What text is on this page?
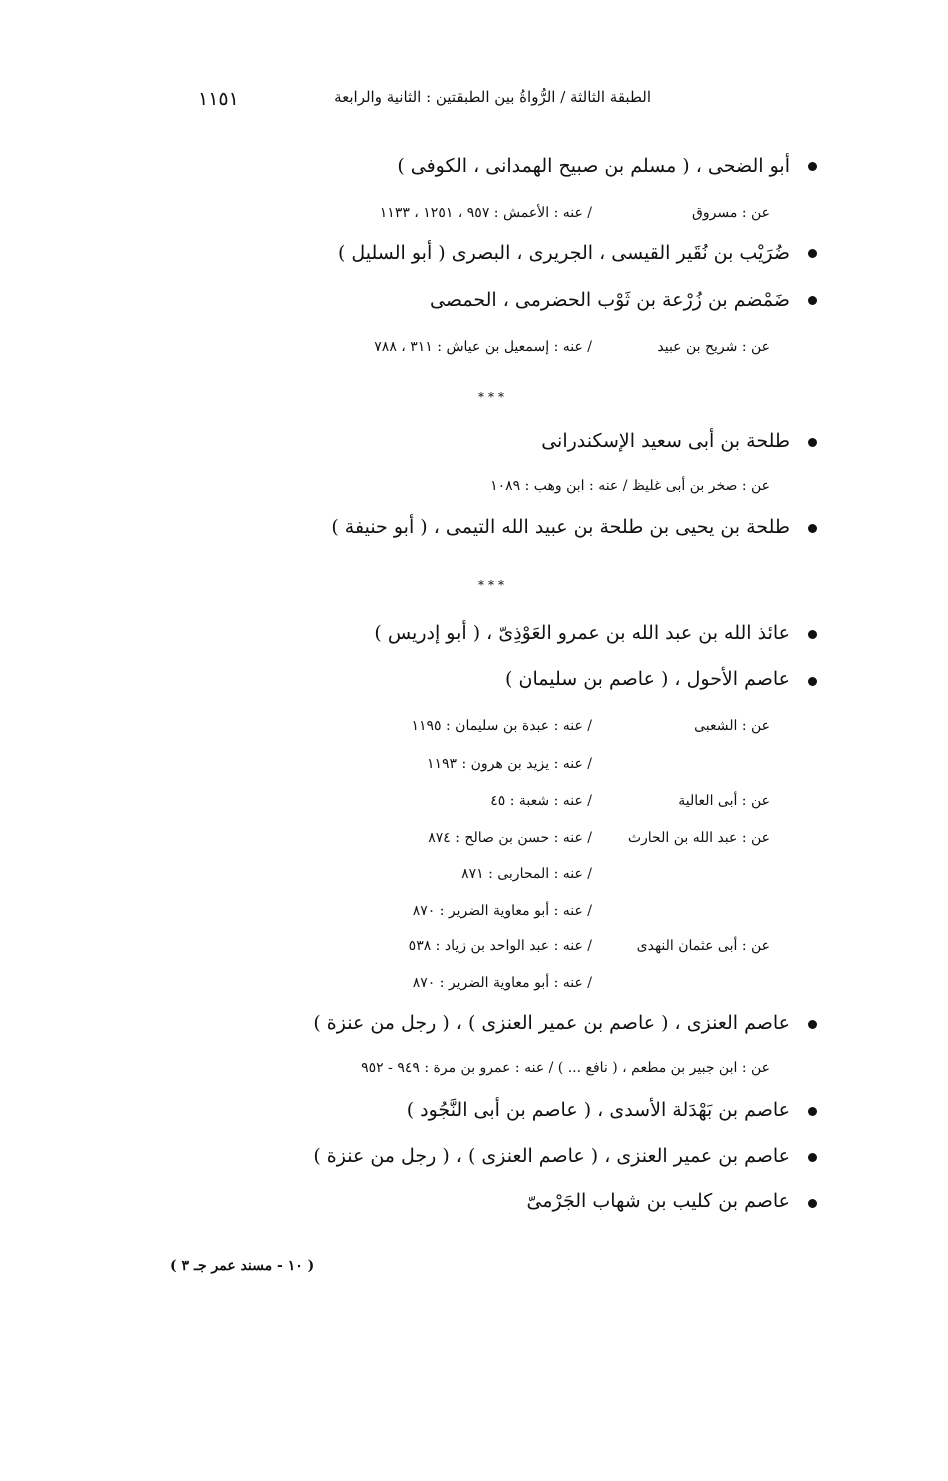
١١٥١	الطبقة الثالثة / الرُّواةُ بين الطبقتين : الثانية والرابعة
أبو الضحى ، ( مسلم بن صبيح الهمدانى ، الكوفى )
عن : مسروق
/ عنه : الأعمش : ٩٥٧ ، ١٢٥١ ، ١١٣٣
ضُرَيْب بن نُقَير القيسى ، الجريرى ، البصرى ( أبو السليل )
ضَمْضم بن زُرْعة بن ثَوْب الحضرمى ، الحمصى
عن : شريح بن عبيد
/ عنه : إسمعيل بن عياش : ٣١١ ، ٧٨٨
***
طلحة بن أبى سعيد الإسكندرانى
عن : صخر بن أبى غليظ / عنه : ابن وهب : ١٠٨٩
طلحة بن يحيى بن طلحة بن عبيد الله التيمى ، ( أبو حنيفة )
***
عائذ الله بن عبد الله بن عمرو العَوْذِىّ ، ( أبو إدريس )
عاصم الأحول ، ( عاصم بن سليمان )
عن : الشعبى
/ عنه : عبدة بن سليمان : ١١٩٥
/ عنه : يزيد بن هرون : ١١٩٣
عن : أبى العالية
/ عنه : شعبة : ٤٥
عن : عبد الله بن الحارث
/ عنه : حسن بن صالح : ٨٧٤
/ عنه : المحاربى : ٨٧١
/ عنه : أبو معاوية الضرير : ٨٧٠
عن : أبى عثمان النهدى
/ عنه : عبد الواحد بن زياد : ٥٣٨
/ عنه : أبو معاوية الضرير : ٨٧٠
عاصم العنزى ، ( عاصم بن عمير العنزى ) ، ( رجل من عنزة )
عن : ابن جبير بن مطعم ، ( نافع ... ) / عنه : عمرو بن مرة : ٩٤٩ - ٩٥٢
عاصم بن بَهْدَلة الأسدى ، ( عاصم بن أبى النَّجُود )
عاصم بن عمير العنزى ، ( عاصم العنزى ) ، ( رجل من عنزة )
عاصم بن كليب بن شهاب الجَرْمىّ
( ١٠ - مسند عمر جـ ٣ )
